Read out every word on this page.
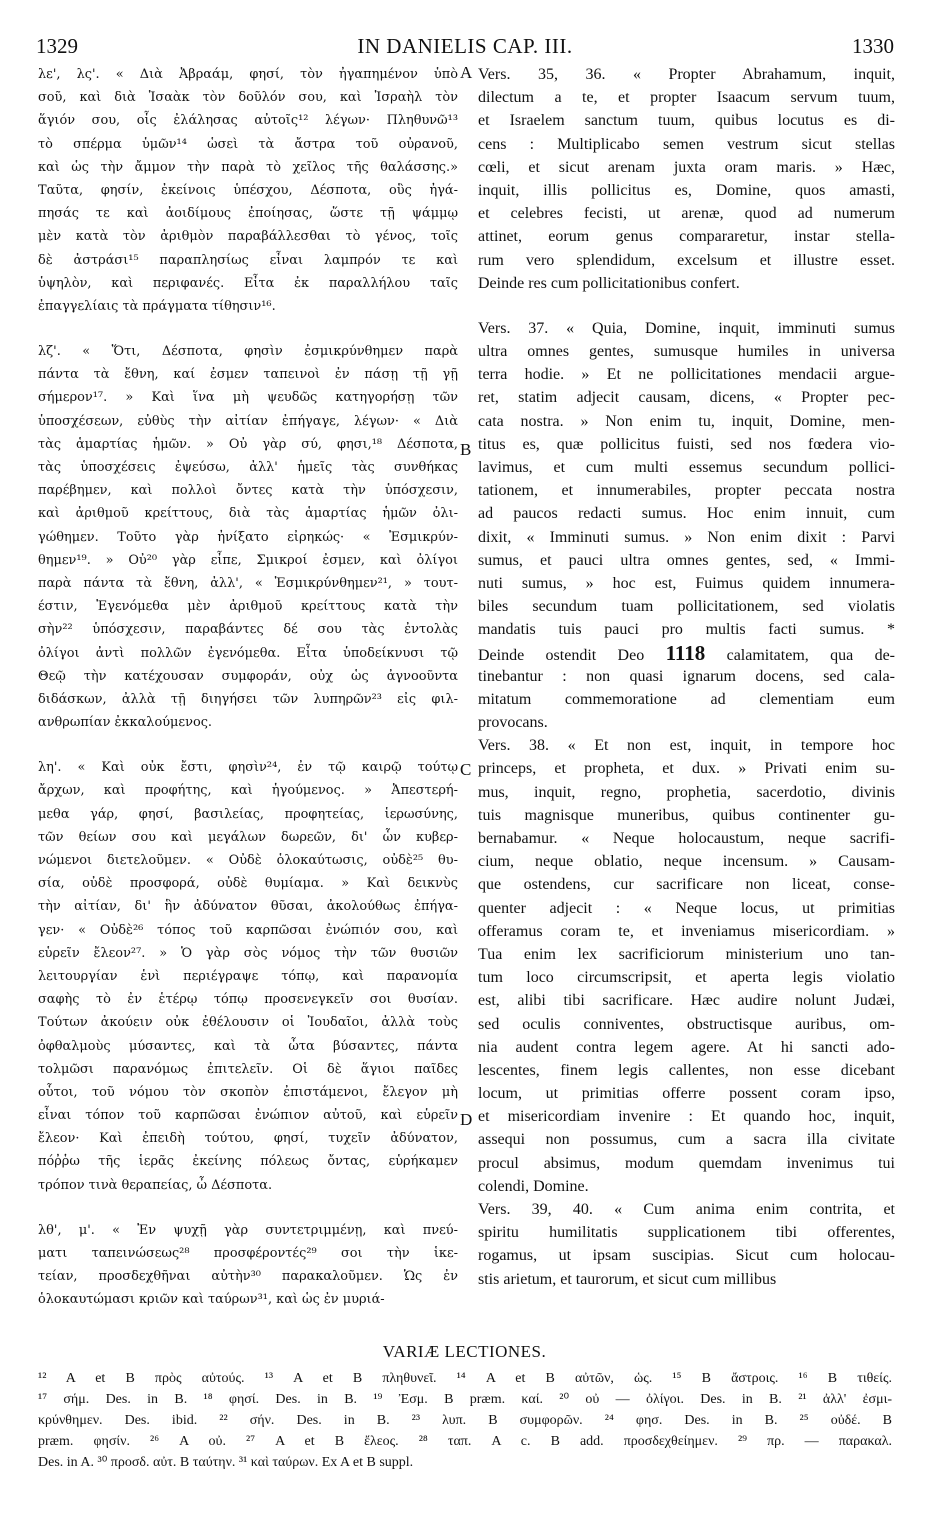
1329	IN DANIELIS CAP. III.	1330
λε', λς'. « Διὰ Ἀβραάμ, φησί, τὸν ἠγαπημένον ὑπὸ
σοῦ, καὶ διὰ Ἰσαὰκ τὸν δοῦλόν σου, καὶ Ἰσραὴλ τὸν
ἅγιόν σου, οἷς ἐλάλησας αὐτοῖς¹² λέγων· Πληθυνῶ¹³
τὸ σπέρμα ὑμῶν¹⁴ ὡσεὶ τὰ ἄστρα τοῦ οὐρανοῦ,
καὶ ὡς τὴν ἄμμον τὴν παρὰ τὸ χεῖλος τῆς θαλάσσης.»
Ταῦτα, φησίν, ἐκείνοις ὑπέσχου, Δέσποτα, οὓς ἠγά-
πησάς τε καὶ ἀοιδίμους ἐποίησας, ὥστε τῇ ψάμμῳ
μὲν κατὰ τὸν ἀριθμὸν παραβάλλεσθαι τὸ γένος, τοῖς
δὲ ἀστράσι¹⁵ παραπλησίως εἶναι λαμπρόν τε καὶ
ὑψηλὸν, καὶ περιφανές. Εἶτα ἐκ παραλλήλου ταῖς
ἐπαγγελίαις τὰ πράγματα τίθησιν¹⁶.
λζ'. « Ὅτι, Δέσποτα, φησὶν ἐσμικρύνθημεν παρὰ
πάντα τὰ ἔθνη, καί ἐσμεν ταπεινοὶ ἐν πάσῃ τῇ γῇ
σήμερον¹⁷. » Καὶ ἵνα μὴ ψευδῶς κατηγορήσῃ τῶν
ὑποσχέσεων, εὐθὺς τὴν αἰτίαν ἐπήγαγε, λέγων· « Διὰ
τὰς ἁμαρτίας ἡμῶν. » Οὐ γὰρ σύ, φησι,¹⁸ Δέσποτα,
τὰς ὑποσχέσεις ἐψεύσω, ἀλλ' ἡμεῖς τὰς συνθήκας
παρέβημεν, καὶ πολλοὶ ὄντες κατὰ τὴν ὑπόσχεσιν,
καὶ ἀριθμοῦ κρείττους, διὰ τὰς ἁμαρτίας ἡμῶν ὀλι-
γώθημεν. Τοῦτο γὰρ ἠνίξατο εἰρηκώς· « Ἐσμικρύν-
θημεν¹⁹. » Οὐ²⁰ γὰρ εἶπε, Σμικροί ἐσμεν, καὶ ὀλίγοι
παρὰ πάντα τὰ ἔθνη, ἀλλ', « Ἐσμικρύνθημεν²¹, » τουτ-
έστιν, Ἐγενόμεθα μὲν ἀριθμοῦ κρείττους κατὰ τὴν
σὴν²² ὑπόσχεσιν, παραβάντες δέ σου τὰς ἐντολὰς
ὀλίγοι ἀντὶ πολλῶν ἐγενόμεθα. Εἶτα ὑποδείκνυσι τῷ
Θεῷ τὴν κατέχουσαν συμφοράν, οὐχ ὡς ἀγνοοῦντα
διδάσκων, ἀλλὰ τῇ διηγήσει τῶν λυπηρῶν²³ εἰς φιλ-
ανθρωπίαν ἐκκαλούμενος.
λη'. « Καὶ οὐκ ἔστι, φησὶν²⁴, ἐν τῷ καιρῷ τούτῳ
ἄρχων, καὶ προφήτης, καὶ ἡγούμενος. » Ἀπεστερή-
μεθα γάρ, φησί, βασιλείας, προφητείας, ἱερωσύνης,
τῶν θείων σου καὶ μεγάλων δωρεῶν, δι' ὧν κυβερ-
νώμενοι διετελοῦμεν. « Οὐδὲ ὁλοκαύτωσις, οὐδὲ²⁵ θυ-
σία, οὐδὲ προσφορά, οὐδὲ θυμίαμα. » Καὶ δεικνὺς
τὴν αἰτίαν, δι' ἣν ἀδύνατον θῦσαι, ἀκολούθως ἐπήγα-
γεν· « Οὐδὲ²⁶ τόπος τοῦ καρπῶσαι ἐνώπιόν σου, καὶ
εὑρεῖν ἔλεον²⁷. » Ὁ γὰρ σὸς νόμος τὴν τῶν θυσιῶν
λειτουργίαν ἑνὶ περιέγραψε τόπῳ, καὶ παρανομία
σαφὴς τὸ ἐν ἑτέρῳ τόπῳ προσενεγκεῖν σοι θυσίαν.
Τούτων ἀκούειν οὐκ ἐθέλουσιν οἱ Ἰουδαῖοι, ἀλλὰ τοὺς
ὀφθαλμοὺς μύσαντες, καὶ τὰ ὦτα βύσαντες, πάντα
τολμῶσι παρανόμως ἐπιτελεῖν. Οἱ δὲ ἅγιοι παῖδες
οὗτοι, τοῦ νόμου τὸν σκοπὸν ἐπιστάμενοι, ἔλεγον μὴ
εἶναι τόπον τοῦ καρπῶσαι ἐνώπιον αὐτοῦ, καὶ εὑρεῖν
ἔλεον· Καὶ ἐπειδὴ τούτου, φησί, τυχεῖν ἀδύνατον,
πόῤῥω τῆς ἱερᾶς ἐκείνης πόλεως ὄντας, εὑρήκαμεν
τρόπον τινὰ θεραπείας, ὦ Δέσποτα.
λθ', μ'. « Ἐν ψυχῇ γὰρ συντετριμμένῃ, καὶ πνεύ-
ματι ταπεινώσεως²⁸ προσφέροντές²⁹ σοι τὴν ἱκε-
τείαν, προσδεχθῆναι αὐτὴν³⁰ παρακαλοῦμεν. Ὡς ἐν
ὁλοκαυτώμασι κριῶν καὶ ταύρων³¹, καὶ ὡς ἐν μυριά-
Vers. 35, 36. « Propter Abrahamum, inquit,
dilectum a te, et propter Isaacum servum tuum,
et Israelem sanctum tuum, quibus locutus es di-
cens : Multiplicabo semen vestrum sicut stellas
cœli, et sicut arenam juxta oram maris. » Hæc,
inquit, illis pollicitus es, Domine, quos amasti,
et celebres fecisti, ut arenæ, quod ad numerum
attinet, eorum genus compararetur, instar stella-
rum vero splendidum, excelsum et illustre esset.
Deinde res cum pollicitationibus confert.
Vers. 37. « Quia, Domine, inquit, imminuti sumus
ultra omnes gentes, sumusque humiles in universa
terra hodie. » Et ne pollicitationes mendacii argue-
ret, statim adjecit causam, dicens, « Propter pec-
cata nostra. » Non enim tu, inquit, Domine, men-
titus es, quæ pollicitus fuisti, sed nos fœdera vio-
lavimus, et cum multi essemus secundum pollici-
tationem, et innumerabiles, propter peccata nostra
ad paucos redacti sumus. Hoc enim innuit, cum
dixit, « Imminuti sumus. » Non enim dixit : Parvi
sumus, et pauci ultra omnes gentes, sed, « Immi-
nuti sumus, » hoc est, Fuimus quidem innumera-
biles secundum tuam pollicitationem, sed violatis
mandatis tuis pauci pro multis facti sumus. *
Deinde ostendit Deo 1118 calamitatem, qua de-
tinebantur : non quasi ignarum docens, sed cala-
mitatum commemoratione ad clementiam eum
provocans.
Vers. 38. « Et non est, inquit, in tempore hoc
princeps, et propheta, et dux. » Privati enim su-
mus, inquit, regno, prophetia, sacerdotio, divinis
tuis magnisque muneribus, quibus continenter gu-
bernabamur. « Neque holocaustum, neque sacrifi-
cium, neque oblatio, neque incensum. » Causam-
que ostendens, cur sacrificare non liceat, conse-
quenter adjecit : « Neque locus, ut primitias
offeramus coram te, et inveniamus misericordiam. »
Tua enim lex sacrificiorum ministerium uno tan-
tum loco circumscripsit, et aperta legis violatio
est, alibi tibi sacrificare. Hæc audire nolunt Judæi,
sed oculis conniventes, obstructisque auribus, om-
nia audent contra legem agere. At hi sancti ado-
lescentes, finem legis callentes, non esse dicebant
locum, ut primitias offerre possent coram ipso,
et misericordiam invenire : Et quando hoc, inquit,
assequi non possumus, cum a sacra illa civitate
procul absimus, modum quemdam invenimus tui
colendi, Domine.
Vers. 39, 40. « Cum anima enim contrita, et
spiritu humilitatis supplicationem tibi offerentes,
rogamus, ut ipsam suscipias. Sicut cum holocau-
stis arietum, et taurorum, et sicut cum millibus
A
B
C
D
VARIÆ LECTIONES.
¹² A et B πρὸς αὐτούς. ¹³ A et B πληθυνεῖ. ¹⁴ A et B αὐτῶν, ὡς. ¹⁵ B ἄστροις. ¹⁶ B τιθείς.
¹⁷ σήμ. Des. in B. ¹⁸ φησί. Des. in B. ¹⁹ Ἐσμ. B præm. καί. ²⁰ οὐ — ὀλίγοι. Des. in B. ²¹ ἀλλ' ἐσμι-
κρύνθημεν. Des. ibid. ²² σήν. Des. in B. ²³ λυπ. B συμφορῶν. ²⁴ φησ. Des. in B. ²⁵ οὐδέ. B
præm. φησίν. ²⁶ A οὐ. ²⁷ A et B ἔλεος. ²⁸ ταπ. A c. B add. προσδεχθείημεν. ²⁹ πρ. — παρακαλ.
Des. in A. ³⁰ προσδ. αὐτ. B ταύτην. ³¹ καὶ ταύρων. Ex A et B suppl.
